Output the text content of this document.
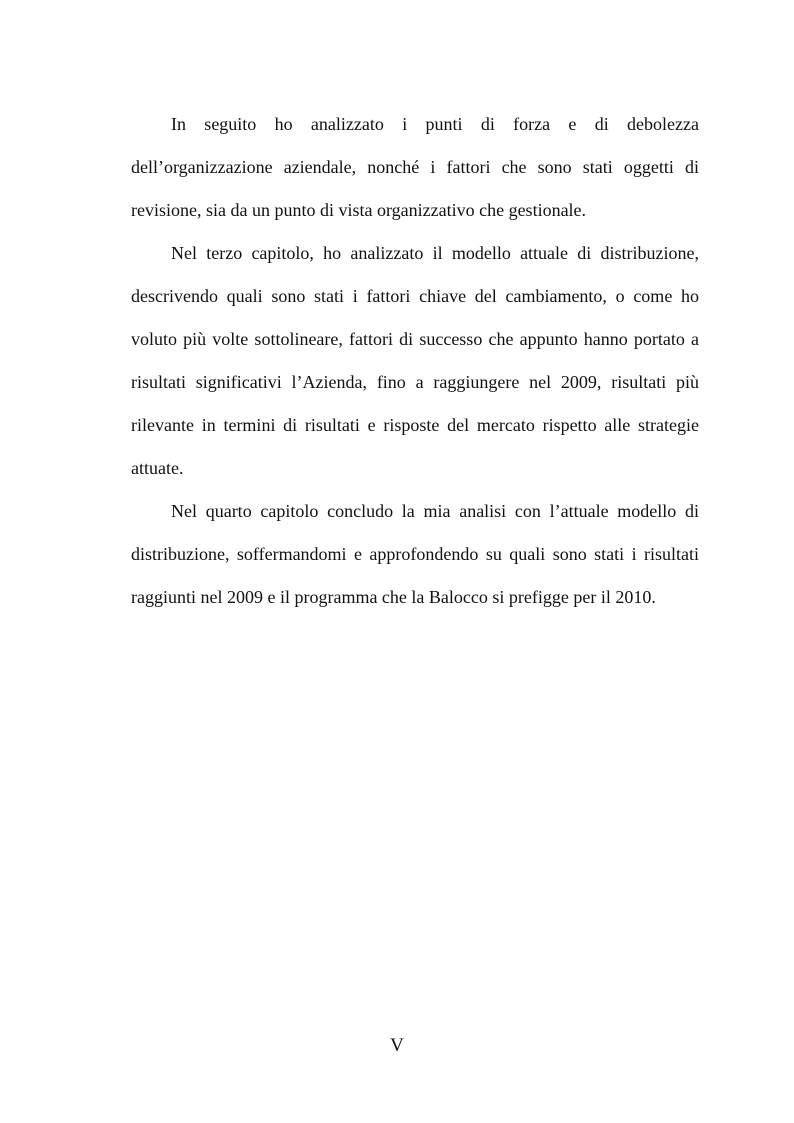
In seguito ho analizzato i punti di forza e di debolezza dell’organizzazione aziendale, nonché i fattori che sono stati oggetti di revisione, sia da un punto di vista organizzativo che gestionale.

Nel terzo capitolo, ho analizzato il modello attuale di distribuzione, descrivendo quali sono stati i fattori chiave del cambiamento, o come ho voluto più volte sottolineare, fattori di successo che appunto hanno portato a risultati significativi l’Azienda, fino a raggiungere nel 2009, risultati più rilevante in termini di risultati e risposte del mercato rispetto alle strategie attuate.

Nel quarto capitolo concludo la mia analisi con l’attuale modello di distribuzione, soffermandomi e approfondendo su quali sono stati i risultati raggiunti nel 2009 e il programma che la Balocco si prefigge per il 2010.

V
